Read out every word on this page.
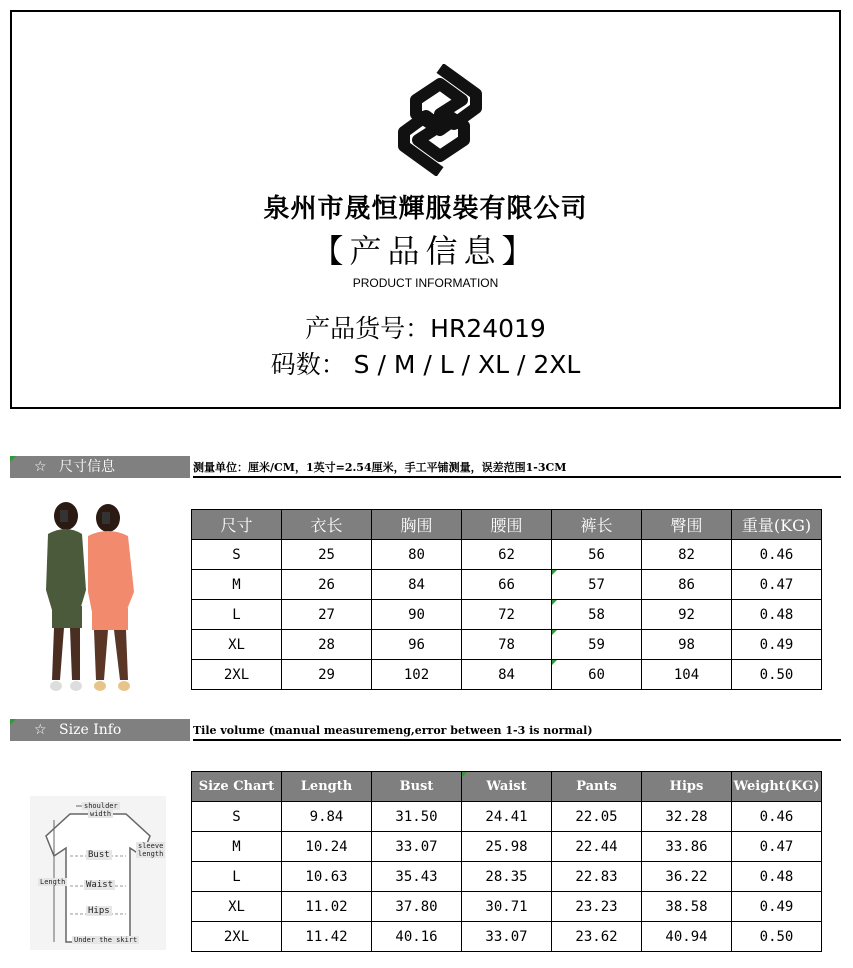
泉州市晟恒輝服裝有限公司
【产品信息】
PRODUCT INFORMATION
产品货号：HR24019
码数： S / M / L / XL / 2XL
☆ 尺寸信息	测量单位：厘米/CM，1英寸=2.54厘米，手工平铺测量，误差范围1-3CM
尺寸	衣长	胸围	腰围	裤长	臀围	重量(KG)
S	25	80	62	56	82	0.46
M	26	84	66	57	86	0.47
L	27	90	72	58	92	0.48
XL	28	96	78	59	98	0.49
2XL	29	102	84	60	104	0.50
☆ Size Info	Tile volume (manual measuremeng,error between 1-3 is normal)
shoulder
width
sleeve
length
Bust
Length Waist
Hips
Under the skirt
Size Chart	Length	Bust	Waist	Pants	Hips	Weight(KG)
S	9.84	31.50	24.41	22.05	32.28	0.46
M	10.24	33.07	25.98	22.44	33.86	0.47
L	10.63	35.43	28.35	22.83	36.22	0.48
XL	11.02	37.80	30.71	23.23	38.58	0.49
2XL	11.42	40.16	33.07	23.62	40.94	0.50
